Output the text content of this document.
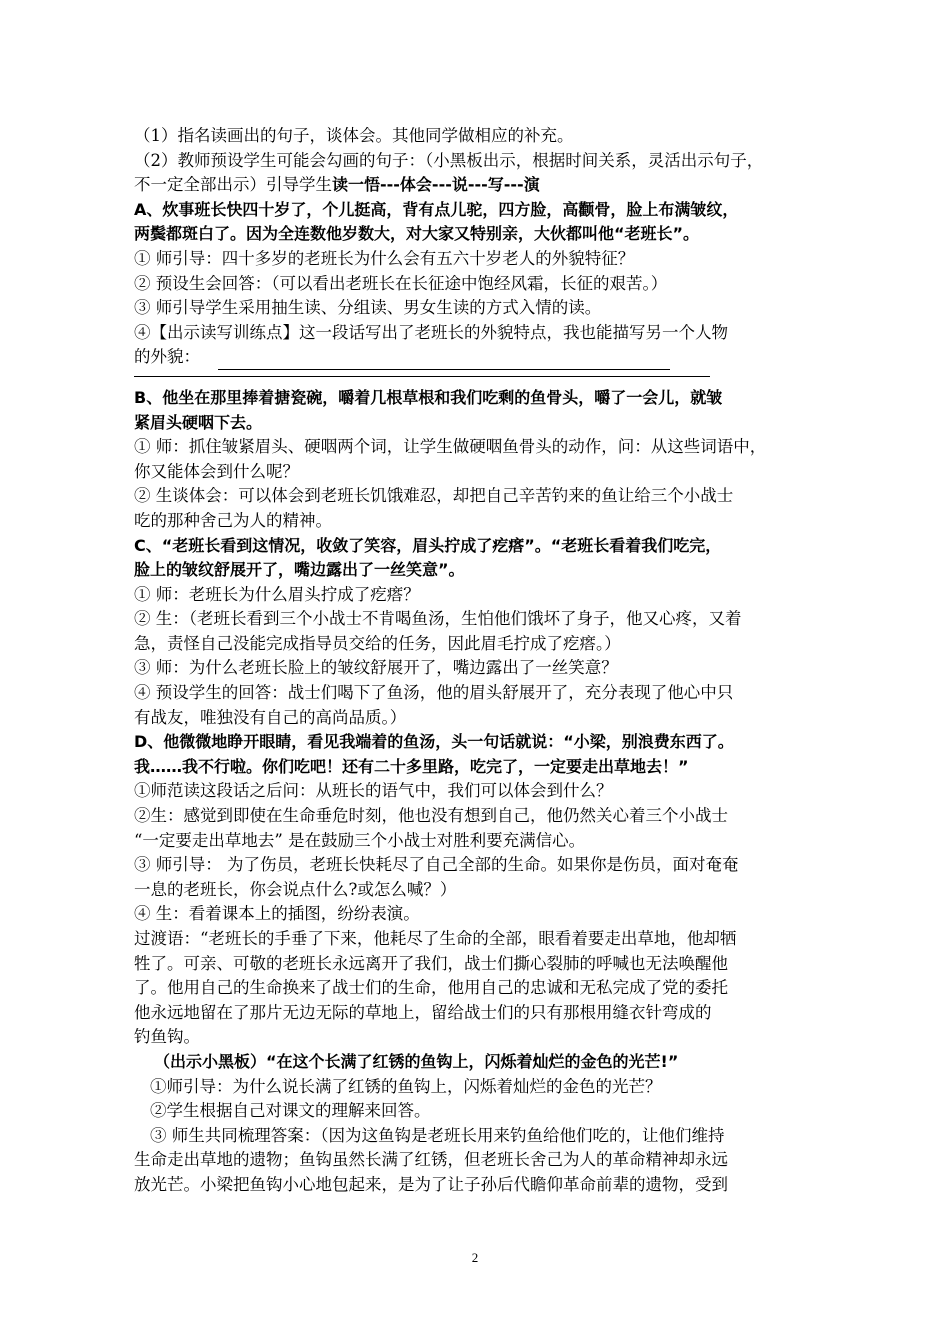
（1）指名读画出的句子，谈体会。其他同学做相应的补充。
（2）教师预设学生可能会勾画的句子：（小黑板出示，根据时间关系，灵活出示句子，
不一定全部出示）引导学生读一悟---体会---说---写---演
A、炊事班长快四十岁了，个儿挺高，背有点儿驼，四方脸，高颧骨，脸上布满皱纹，
两鬓都斑白了。因为全连数他岁数大，对大家又特别亲，大伙都叫他“老班长”。
① 师引导：四十多岁的老班长为什么会有五六十岁老人的外貌特征？
② 预设生会回答：（可以看出老班长在长征途中饱经风霜，长征的艰苦。）
③ 师引导学生采用抽生读、分组读、男女生读的方式入情的读。
④【出示读写训练点】这一段话写出了老班长的外貌特点，我也能描写另一个人物
的外貌：
B、他坐在那里捧着搪瓷碗，嚼着几根草根和我们吃剩的鱼骨头，嚼了一会儿，就皱
紧眉头硬咽下去。
① 师：抓住皱紧眉头、硬咽两个词，让学生做硬咽鱼骨头的动作，问：从这些词语中，
你又能体会到什么呢？
② 生谈体会：可以体会到老班长饥饿难忍，却把自己辛苦钓来的鱼让给三个小战士
吃的那种舍己为人的精神。
C、“老班长看到这情况，收敛了笑容，眉头拧成了疙瘩”。“老班长看着我们吃完，
脸上的皱纹舒展开了，嘴边露出了一丝笑意”。
① 师：老班长为什么眉头拧成了疙瘩？
② 生：（老班长看到三个小战士不肯喝鱼汤，生怕他们饿坏了身子，他又心疼，又着
急，责怪自己没能完成指导员交给的任务，因此眉毛拧成了疙瘩。）
③ 师：为什么老班长脸上的皱纹舒展开了，嘴边露出了一丝笑意？
④ 预设学生的回答：战士们喝下了鱼汤，他的眉头舒展开了，充分表现了他心中只
有战友，唯独没有自己的高尚品质。）
D、他微微地睁开眼睛，看见我端着的鱼汤，头一句话就说：“小梁，别浪费东西了。
我……我不行啦。你们吃吧！还有二十多里路，吃完了，一定要走出草地去！”
①师范读这段话之后问：从班长的语气中，我们可以体会到什么？
②生：感觉到即使在生命垂危时刻，他也没有想到自己，他仍然关心着三个小战士
“一定要走出草地去” 是在鼓励三个小战士对胜利要充满信心。
③ 师引导： 为了伤员，老班长快耗尽了自己全部的生命。如果你是伤员，面对奄奄
一息的老班长，你会说点什么?或怎么喊？）
④ 生：看着课本上的插图，纷纷表演。
过渡语：“老班长的手垂了下来，他耗尽了生命的全部，眼看着要走出草地，他却牺
牲了。可亲、可敬的老班长永远离开了我们，战士们撕心裂肺的呼喊也无法唤醒他
了。他用自己的生命换来了战士们的生命，他用自己的忠诚和无私完成了党的委托
他永远地留在了那片无边无际的草地上，留给战士们的只有那根用缝衣针弯成的
钓鱼钩。
（出示小黑板）“在这个长满了红锈的鱼钩上，闪烁着灿烂的金色的光芒!”
①师引导：为什么说长满了红锈的鱼钩上，闪烁着灿烂的金色的光芒？
②学生根据自己对课文的理解来回答。
③ 师生共同梳理答案：（因为这鱼钩是老班长用来钓鱼给他们吃的，让他们维持
生命走出草地的遗物；鱼钩虽然长满了红锈，但老班长舍己为人的革命精神却永远
放光芒。小梁把鱼钩小心地包起来，是为了让子孙后代瞻仰革命前辈的遗物，受到
2
